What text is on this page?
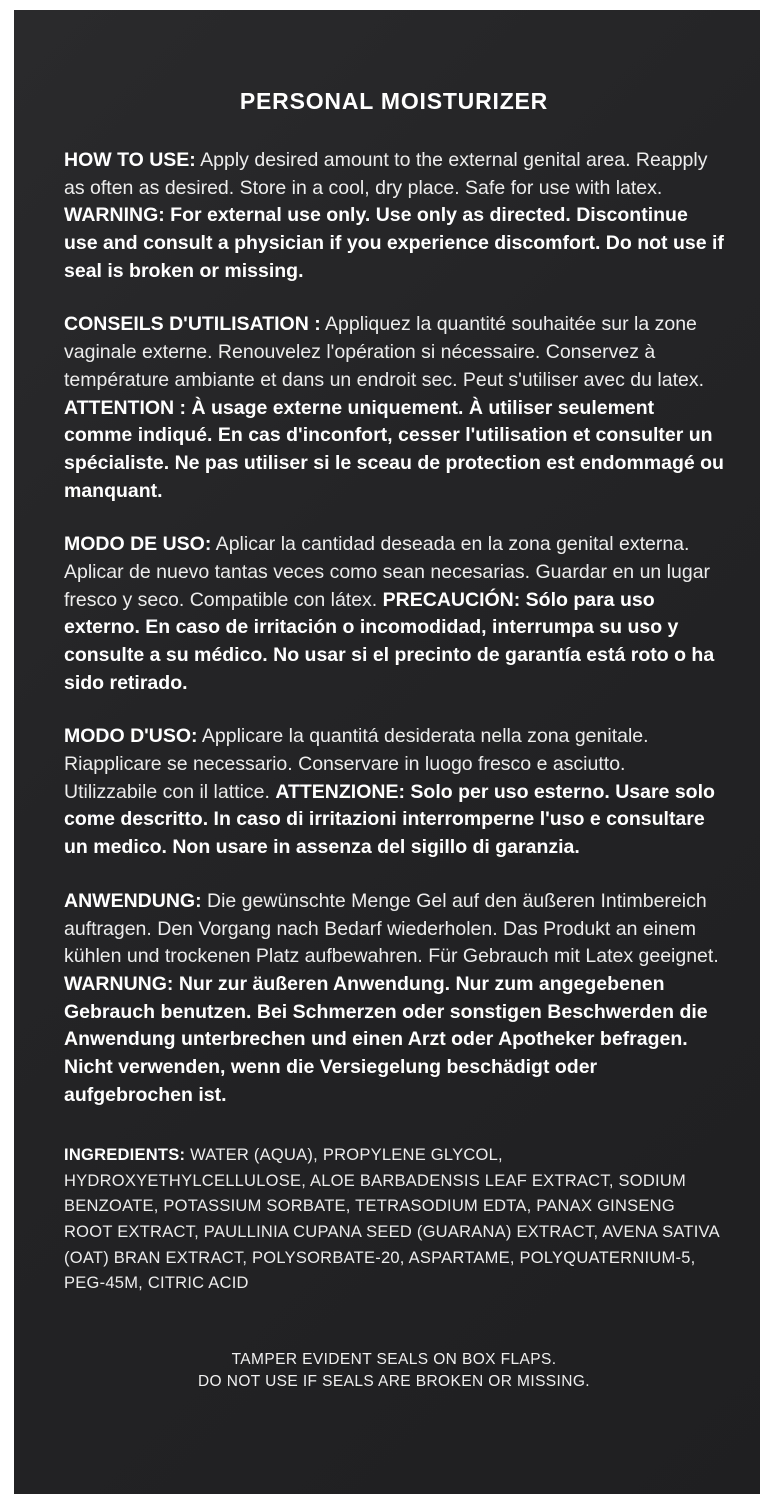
PERSONAL MOISTURIZER
HOW TO USE: Apply desired amount to the external genital area. Reapply as often as desired. Store in a cool, dry place. Safe for use with latex. WARNING: For external use only. Use only as directed. Discontinue use and consult a physician if you experience discomfort. Do not use if seal is broken or missing.
CONSEILS D'UTILISATION : Appliquez la quantité souhaitée sur la zone vaginale externe. Renouvelez l'opération si nécessaire. Conservez à température ambiante et dans un endroit sec. Peut s'utiliser avec du latex. ATTENTION : À usage externe uniquement. À utiliser seulement comme indiqué. En cas d'inconfort, cesser l'utilisation et consulter un spécialiste. Ne pas utiliser si le sceau de protection est endommagé ou manquant.
MODO DE USO: Aplicar la cantidad deseada en la zona genital externa. Aplicar de nuevo tantas veces como sean necesarias. Guardar en un lugar fresco y seco. Compatible con látex. PRECAUCIÓN: Sólo para uso externo. En caso de irritación o incomodidad, interrumpa su uso y consulte a su médico. No usar si el precinto de garantía está roto o ha sido retirado.
MODO D'USO: Applicare la quantitá desiderata nella zona genitale. Riapplicare se necessario. Conservare in luogo fresco e asciutto. Utilizzabile con il lattice. ATTENZIONE: Solo per uso esterno. Usare solo come descritto. In caso di irritazioni interromperne l'uso e consultare un medico. Non usare in assenza del sigillo di garanzia.
ANWENDUNG: Die gewünschte Menge Gel auf den äußeren Intimbereich auftragen. Den Vorgang nach Bedarf wiederholen. Das Produkt an einem kühlen und trockenen Platz aufbewahren. Für Gebrauch mit Latex geeignet. WARNUNG: Nur zur äußeren Anwendung. Nur zum angegebenen Gebrauch benutzen. Bei Schmerzen oder sonstigen Beschwerden die Anwendung unterbrechen und einen Arzt oder Apotheker befragen. Nicht verwenden, wenn die Versiegelung beschädigt oder aufgebrochen ist.
INGREDIENTS: WATER (AQUA), PROPYLENE GLYCOL, HYDROXYETHYLCELLULOSE, ALOE BARBADENSIS LEAF EXTRACT, SODIUM BENZOATE, POTASSIUM SORBATE, TETRASODIUM EDTA, PANAX GINSENG ROOT EXTRACT, PAULLINIA CUPANA SEED (GUARANA) EXTRACT, AVENA SATIVA (OAT) BRAN EXTRACT, POLYSORBATE-20, ASPARTAME, POLYQUATERNIUM-5, PEG-45M, CITRIC ACID
TAMPER EVIDENT SEALS ON BOX FLAPS.
DO NOT USE IF SEALS ARE BROKEN OR MISSING.
